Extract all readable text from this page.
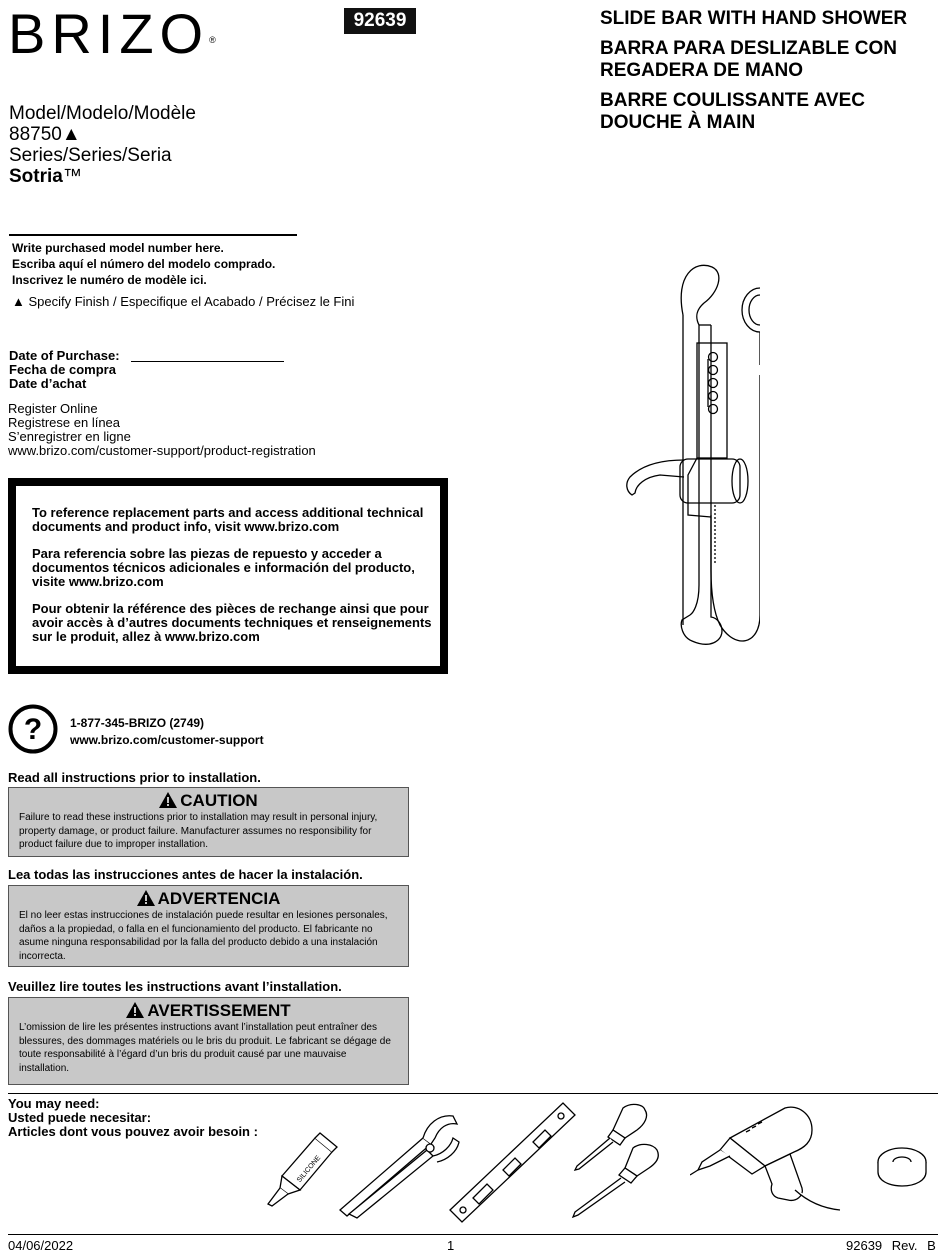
BRIZO®
92639	SLIDE BAR WITH HAND SHOWER
BARRA PARA DESLIZABLE CON REGADERA DE MANO
BARRE COULISSANTE AVEC DOUCHE À MAIN
Model/Modelo/Modèle
88750▲
Series/Series/Seria
Sotria™
Write purchased model number here.
Escriba aquí el número del modelo comprado.
Inscrivez le numéro de modèle ici.
▲ Specify Finish / Especifique el Acabado / Précisez le Fini
Date of Purchase:
Fecha de compra
Date d’achat
Register Online
Registrese en línea
S’enregistrer en ligne
www.brizo.com/customer-support/product-registration

To reference replacement parts and access additional technical documents and product info, visit www.brizo.com

Para referencia sobre las piezas de repuesto y acceder a documentos técnicos adicionales e información del producto, visite www.brizo.com

Pour obtenir la référence des pièces de rechange ainsi que pour avoir accès à d’autres documents techniques et renseignements sur le produit, allez à www.brizo.com

? 1-877-345-BRIZO (2749)
www.brizo.com/customer-support
Read all instructions prior to installation.
CAUTION
Failure to read these instructions prior to installation may result in personal injury, property damage, or product failure. Manufacturer assumes no responsibility for product failure due to improper installation.
Lea todas las instrucciones antes de hacer la instalación.
ADVERTENCIA
El no leer estas instrucciones de instalación puede resultar en lesiones personales, daños a la propiedad, o falla en el funcionamiento del producto. El fabricante no asume ninguna responsabilidad por la falla del producto debido a una instalación incorrecta.
Veuillez lire toutes les instructions avant l’installation.
AVERTISSEMENT
L’omission de lire les présentes instructions avant l’installation peut entraîner des blessures, des dommages matériels ou le bris du produit. Le fabricant se dégage de toute responsabilité à l’égard d’un bris du produit causé par une mauvaise installation.
You may need:
Usted puede necesitar:
Articles dont vous pouvez avoir besoin :
SILICONE
04/06/2022	1	92639 Rev. B
